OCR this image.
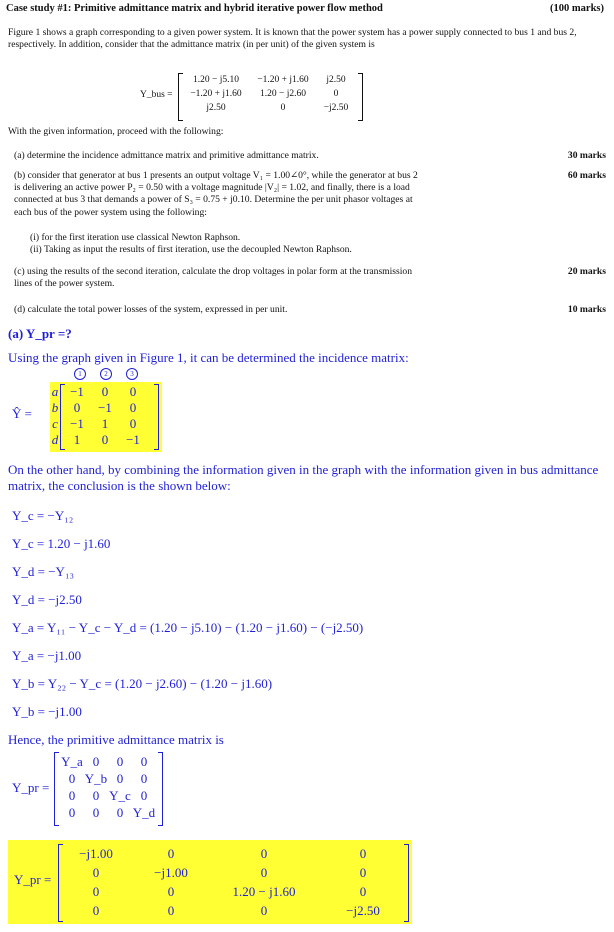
Case study #1: Primitive admittance matrix and hybrid iterative power flow method	(100 marks)
Figure 1 shows a graph corresponding to a given power system. It is known that the power system has a power supply connected to bus 1 and bus 2, respectively. In addition, consider that the admittance matrix (in per unit) of the given system is
Y_bus =
1.20 − j5.10	−1.20 + j1.60	j2.50
−1.20 + j1.60	1.20 − j2.60	0
j2.50	0	−j2.50
With the given information, proceed with the following:
(a) determine the incidence admittance matrix and primitive admittance matrix.	30 marks
(b) consider that generator at bus 1 presents an output voltage V₁ = 1.00∠0°, while the generator at bus 2 is delivering an active power P₂ = 0.50 with a voltage magnitude |V₂| = 1.02, and finally, there is a load connected at bus 3 that demands a power of S₃ = 0.75 + j0.10. Determine the per unit phasor voltages at each bus of the power system using the following:
60 marks
(i) for the first iteration use classical Newton Raphson.
(ii) Taking as input the results of first iteration, use the decoupled Newton Raphson.
(c) using the results of the second iteration, calculate the drop voltages in polar form at the transmission lines of the power system.
20 marks
(d) calculate the total power losses of the system, expressed in per unit.	10 marks
(a) Y_pr =?
Using the graph given in Figure 1, it can be determined the incidence matrix:
Ŷ =
1	2	3
a −1	0	0
b	0	−1	0
c −1	1	0
d	1	0	−1
On the other hand, by combining the information given in the graph with the information given in bus admittance matrix, the conclusion is the shown below:
Y_c = −Y₁₂
Y_c = 1.20 − j1.60
Y_d = −Y₁₃
Y_d = −j2.50
Y_a = Y₁₁ − Y_c − Y_d = (1.20 − j5.10) − (1.20 − j1.60) − (−j2.50)
Y_a = −j1.00
Y_b = Y₂₂ − Y_c = (1.20 − j2.60) − (1.20 − j1.60)
Y_b = −j1.00
Hence, the primitive admittance matrix is
Y_pr =
Y_a 0	0	0
0 Y_b 0	0
0	0 Y_c 0
0	0	0 Y_d
Y_pr =
−j1.00	0	0	0
0	−j1.00	0	0
0	0	1.20 − j1.60	0
0	0	0	−j2.50
